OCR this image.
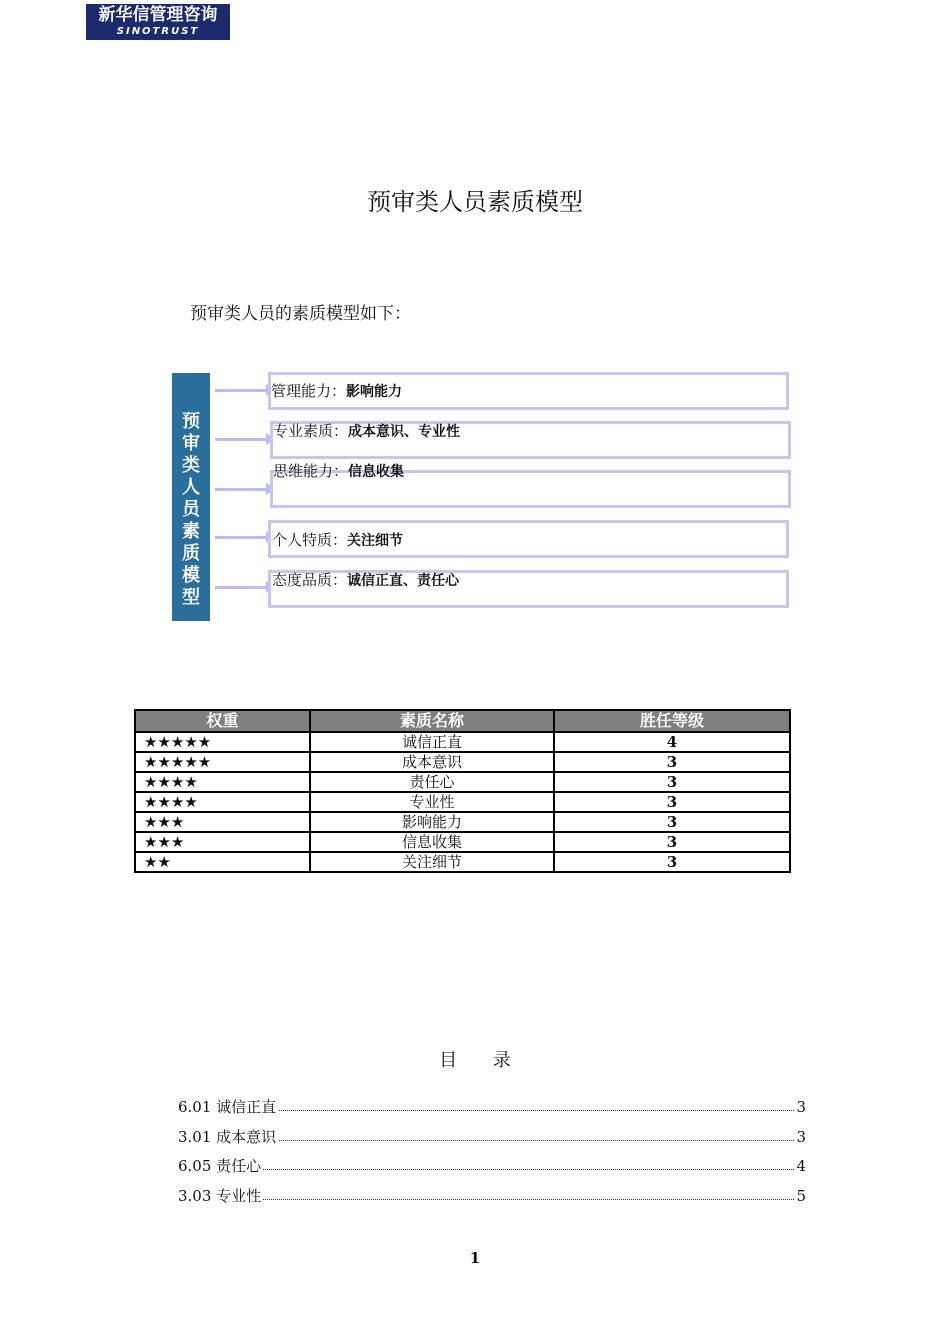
新华信管理咨询
SINOTRUST
预审类人员素质模型
预审类人员的素质模型如下：
预
审
类
人
员
素
质
模
型
管理能力：影响能力
专业素质：成本意识、专业性
思维能力：信息收集
个人特质：关注细节
态度品质：诚信正直、责任心
权重	素质名称	胜任等级
★★★★★	诚信正直	4
★★★★★	成本意识	3
★★★★	责任心	3
★★★★	专业性	3
★★★	影响能力	3
★★★	信息收集	3
★★	关注细节	3
目 录
6.01 诚信正直	3
3.01 成本意识	3
6.05 责任心	4
3.03 专业性	5
1
